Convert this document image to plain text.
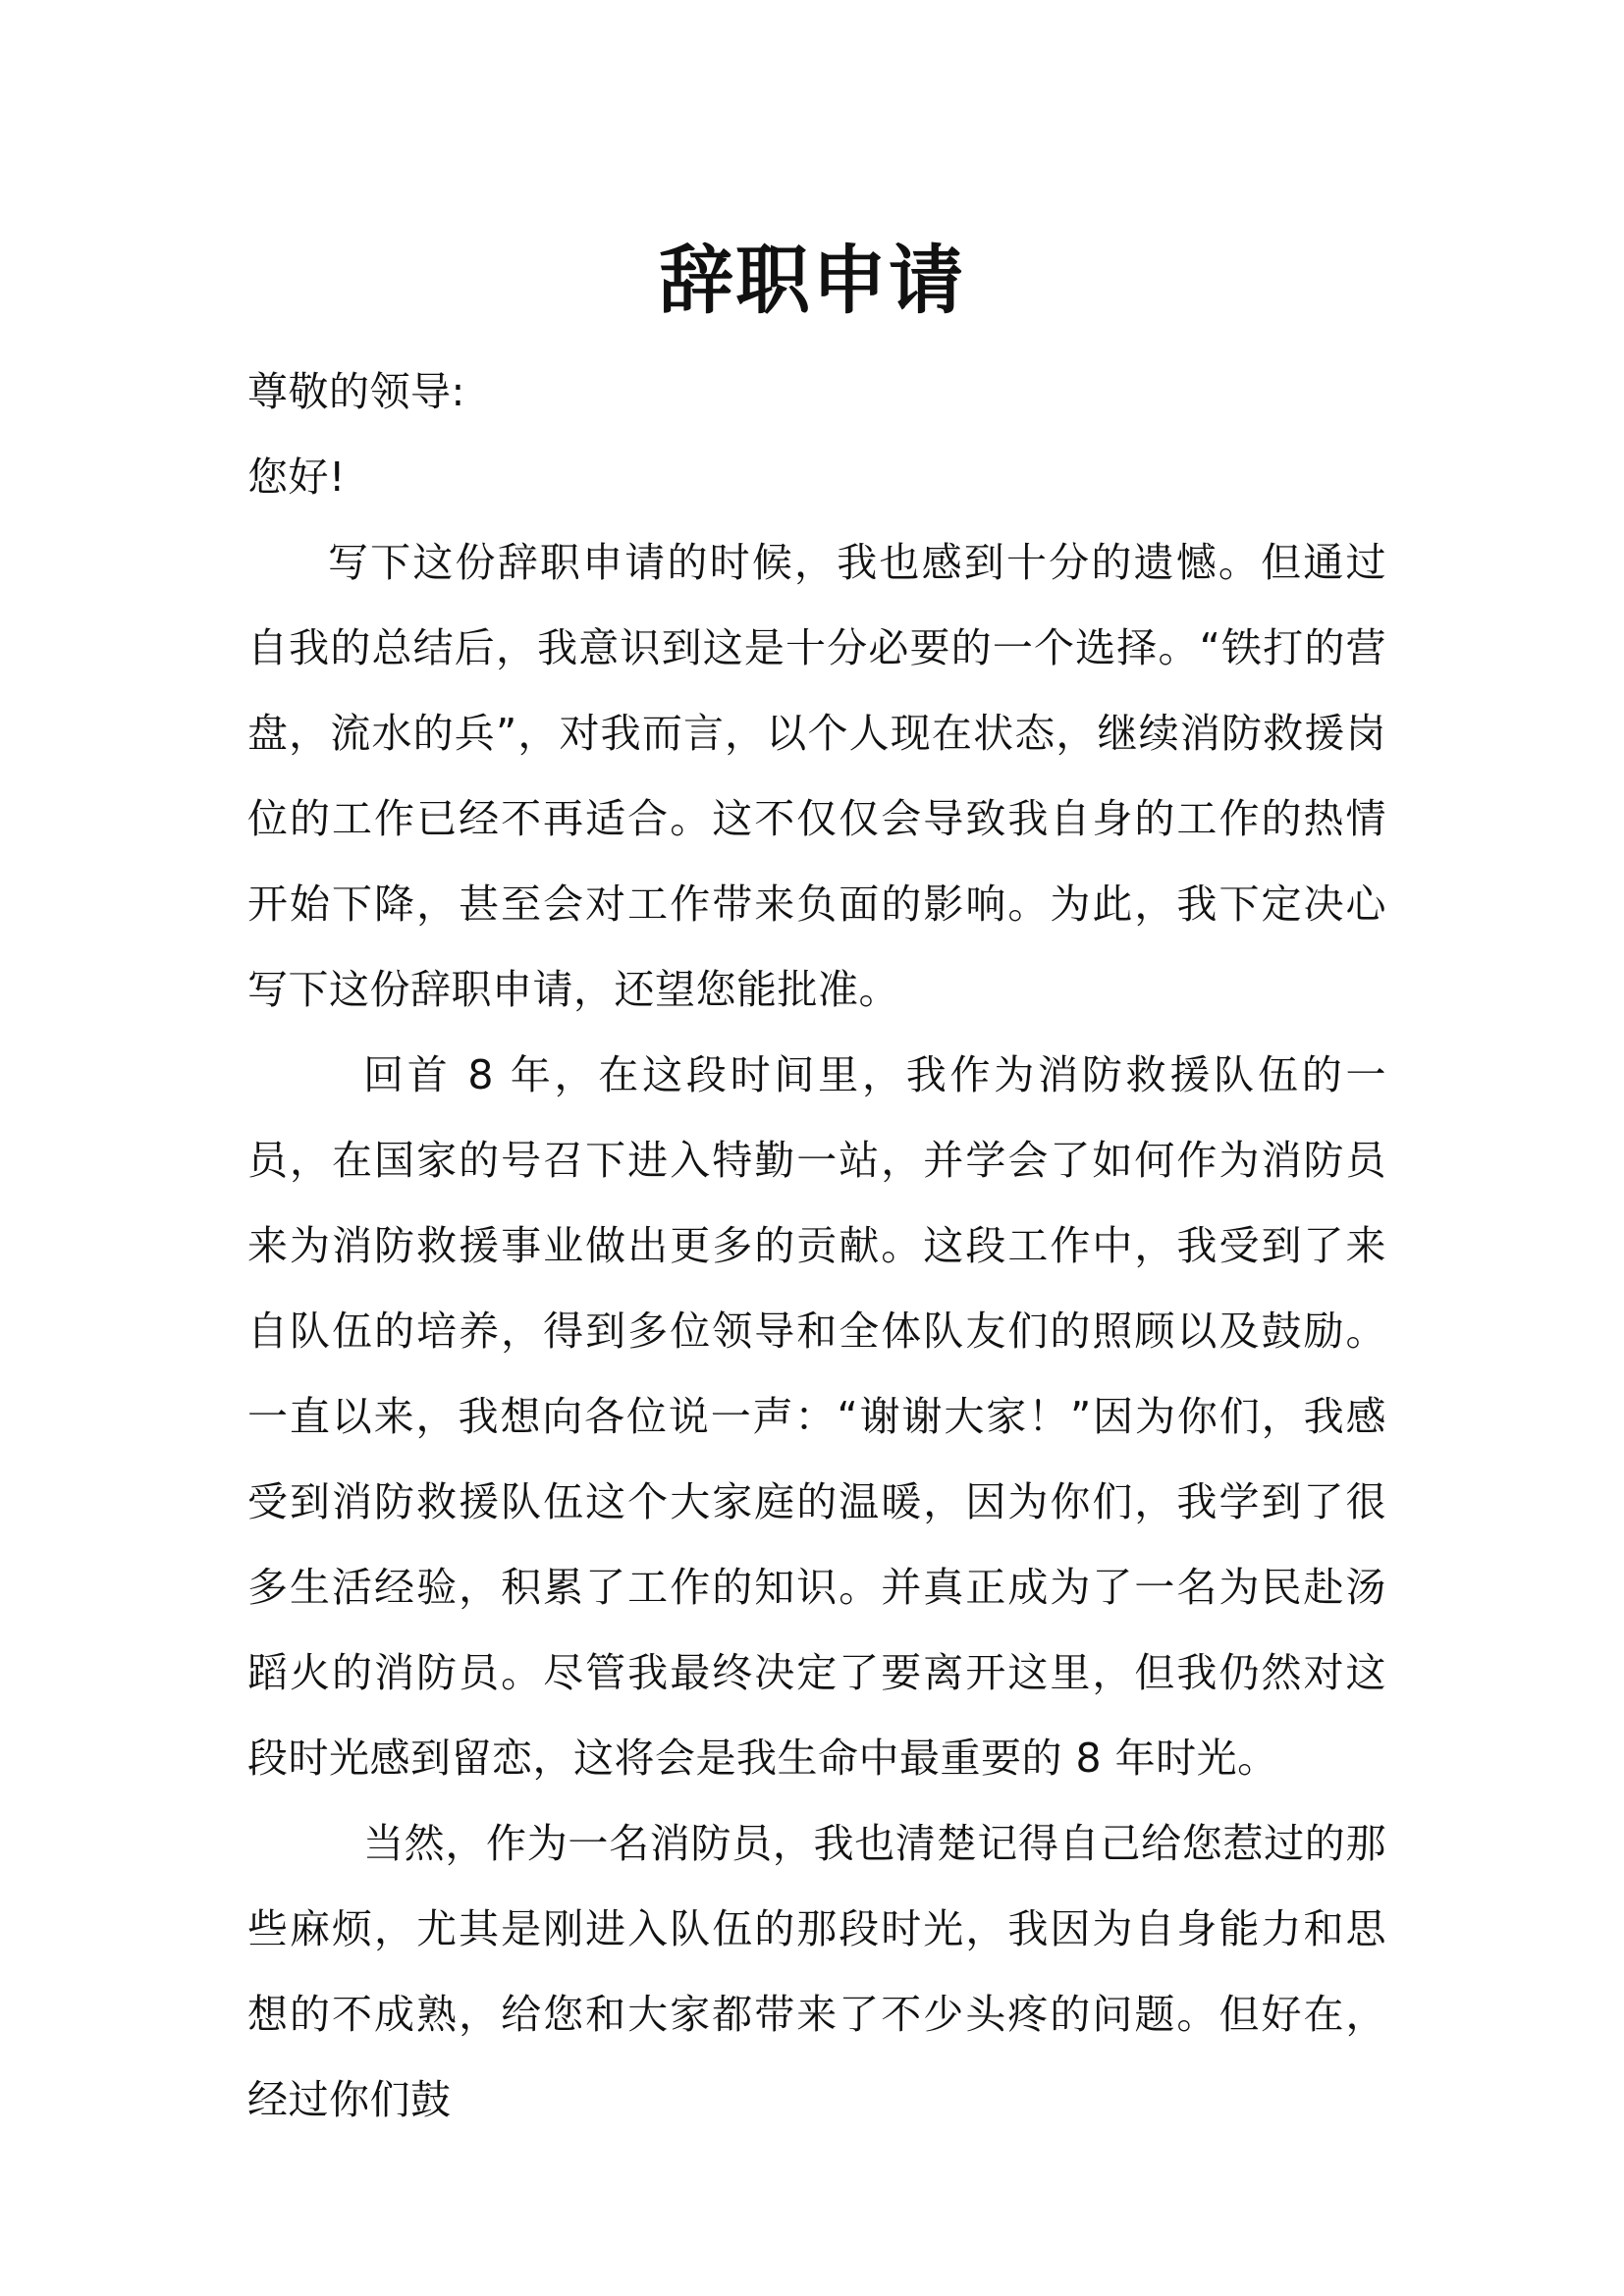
辞职申请

尊敬的领导:

您好!

写下这份辞职申请的时候，我也感到十分的遗憾。但通过自我的总结后，我意识到这是十分必要的一个选择。“铁打的营盘，流水的兵”，对我而言，以个人现在状态，继续消防救援岗位的工作已经不再适合。这不仅仅会导致我自身的工作的热情开始下降，甚至会对工作带来负面的影响。为此，我下定决心写下这份辞职申请，还望您能批准。

回首 8 年，在这段时间里，我作为消防救援队伍的一员，在国家的号召下进入特勤一站，并学会了如何作为消防员来为消防救援事业做出更多的贡献。这段工作中，我受到了来自队伍的培养，得到多位领导和全体队友们的照顾以及鼓励。一直以来，我想向各位说一声：“谢谢大家！”因为你们，我感受到消防救援队伍这个大家庭的温暖，因为你们，我学到了很多生活经验，积累了工作的知识。并真正成为了一名为民赴汤蹈火的消防员。尽管我最终决定了要离开这里，但我仍然对这段时光感到留恋，这将会是我生命中最重要的 8 年时光。

当然，作为一名消防员，我也清楚记得自己给您惹过的那些麻烦，尤其是刚进入队伍的那段时光，我因为自身能力和思想的不成熟，给您和大家都带来了不少头疼的问题。但好在，经过你们鼓
